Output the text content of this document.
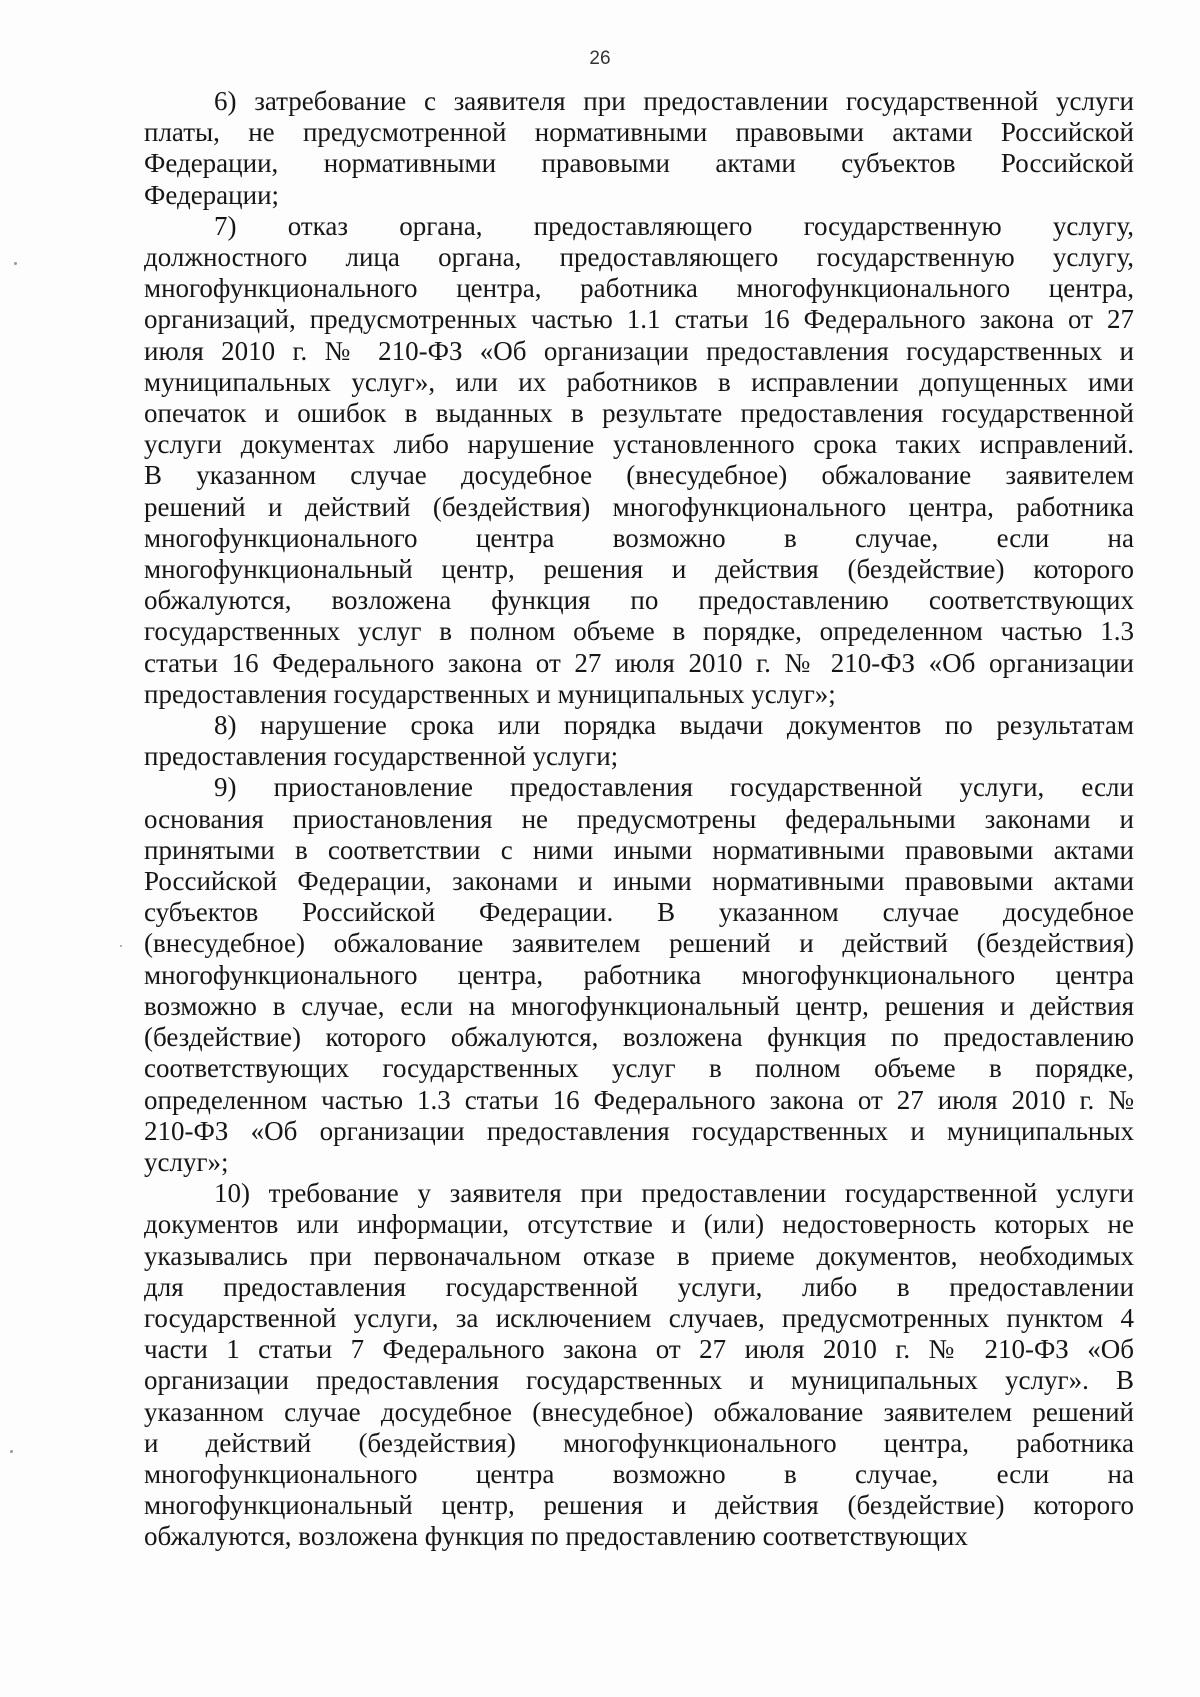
26
6) затребование с заявителя при предоставлении государственной услуги
платы, не предусмотренной нормативными правовыми актами Российской
Федерации, нормативными правовыми актами субъектов Российской
Федерации;
7) отказ органа, предоставляющего государственную услугу,
должностного лица органа, предоставляющего государственную услугу,
многофункционального центра, работника многофункционального центра,
организаций, предусмотренных частью 1.1 статьи 16 Федерального закона от 27
июля 2010 г. № 210-ФЗ «Об организации предоставления государственных и
муниципальных услуг», или их работников в исправлении допущенных ими
опечаток и ошибок в выданных в результате предоставления государственной
услуги документах либо нарушение установленного срока таких исправлений.
В указанном случае досудебное (внесудебное) обжалование заявителем
решений и действий (бездействия) многофункционального центра, работника
многофункционального центра возможно в случае, если на
многофункциональный центр, решения и действия (бездействие) которого
обжалуются, возложена функция по предоставлению соответствующих
государственных услуг в полном объеме в порядке, определенном частью 1.3
статьи 16 Федерального закона от 27 июля 2010 г. № 210-ФЗ «Об организации
предоставления государственных и муниципальных услуг»;
8) нарушение срока или порядка выдачи документов по результатам
предоставления государственной услуги;
9) приостановление предоставления государственной услуги, если
основания приостановления не предусмотрены федеральными законами и
принятыми в соответствии с ними иными нормативными правовыми актами
Российской Федерации, законами и иными нормативными правовыми актами
субъектов Российской Федерации. В указанном случае досудебное
(внесудебное) обжалование заявителем решений и действий (бездействия)
многофункционального центра, работника многофункционального центра
возможно в случае, если на многофункциональный центр, решения и действия
(бездействие) которого обжалуются, возложена функция по предоставлению
соответствующих государственных услуг в полном объеме в порядке,
определенном частью 1.3 статьи 16 Федерального закона от 27 июля 2010 г. №
210-ФЗ «Об организации предоставления государственных и муниципальных
услуг»;
10) требование у заявителя при предоставлении государственной услуги
документов или информации, отсутствие и (или) недостоверность которых не
указывались при первоначальном отказе в приеме документов, необходимых
для предоставления государственной услуги, либо в предоставлении
государственной услуги, за исключением случаев, предусмотренных пунктом 4
части 1 статьи 7 Федерального закона от 27 июля 2010 г. № 210-ФЗ «Об
организации предоставления государственных и муниципальных услуг». В
указанном случае досудебное (внесудебное) обжалование заявителем решений
и действий (бездействия) многофункционального центра, работника
многофункционального центра возможно в случае, если на
многофункциональный центр, решения и действия (бездействие) которого
обжалуются, возложена функция по предоставлению соответствующих
